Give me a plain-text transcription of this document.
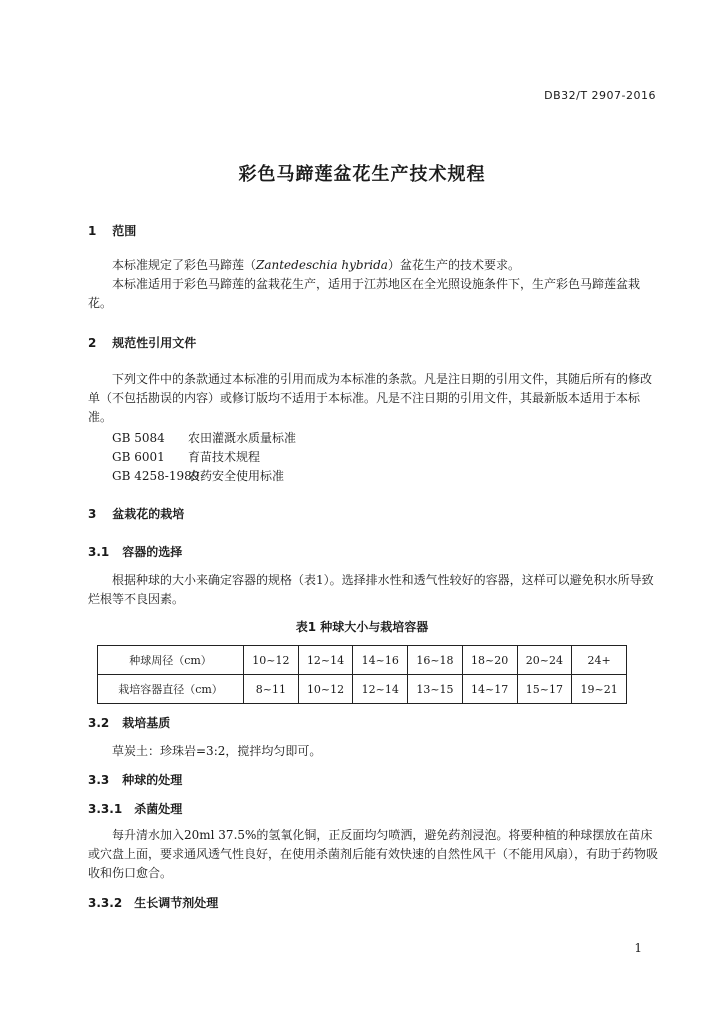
DB32/T 2907-2016
彩色马蹄莲盆花生产技术规程
1 范围
本标准规定了彩色马蹄莲（Zantedeschia hybrida）盆花生产的技术要求。
本标准适用于彩色马蹄莲的盆栽花生产，适用于江苏地区在全光照设施条件下，生产彩色马蹄莲盆栽花。
2 规范性引用文件
下列文件中的条款通过本标准的引用而成为本标准的条款。凡是注日期的引用文件，其随后所有的修改单（不包括勘误的内容）或修订版均不适用于本标准。凡是不注日期的引用文件，其最新版本适用于本标准。
GB 5084 农田灌溉水质量标准
GB 6001 育苗技术规程
GB 4258-1989农药安全使用标准
3 盆栽花的栽培
3.1 容器的选择
根据种球的大小来确定容器的规格（表1）。选择排水性和透气性较好的容器，这样可以避免积水所导致烂根等不良因素。
表1 种球大小与栽培容器
种球周径（cm）	10~12	12~14	14~16	16~18	18~20	20~24	24+
栽培容器直径（cm）	8~11	10~12	12~14	13~15	14~17	15~17	19~21
3.2 栽培基质
草炭土：珍珠岩=3:2，搅拌均匀即可。
3.3 种球的处理
3.3.1 杀菌处理
每升清水加入20ml 37.5%的氢氧化铜，正反面均匀喷洒，避免药剂浸泡。将要种植的种球摆放在苗床或穴盘上面，要求通风透气性良好，在使用杀菌剂后能有效快速的自然性风干（不能用风扇），有助于药物吸收和伤口愈合。
3.3.2 生长调节剂处理
1
